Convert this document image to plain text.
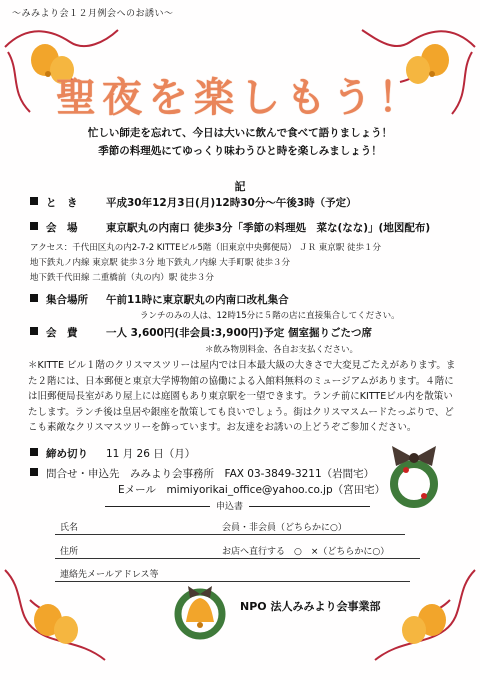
～みみより会１２月例会へのお誘い～
聖夜を楽しもう！
忙しい師走を忘れて、今日は大いに飲んで食べて語りましょう！
季節の料理処にてゆっくり味わうひと時を楽しみましょう！
記
と　き	平成30年12月3日(月)12時30分～午後3時（予定）
会　場	東京駅丸の内南口 徒歩3分「季節の料理処　菜な(なな)」(地図配布)
アクセス：千代田区丸の内2-7-2 KITTEビル5階（旧東京中央郵便局） ＪＲ 東京駅 徒歩１分
地下鉄丸ノ内線 東京駅 徒歩３分 地下鉄丸ノ内線 大手町駅 徒歩３分
地下鉄千代田線 二重橋前（丸の内）駅 徒歩３分
集合場所 午前11時に東京駅丸の内南口改札集合
ランチのみの人は、12時15分に５階の店に直接集合してください。
会　費	一人 3,600円(非会員:3,900円)予定 個室掘りごたつ席
＊飲み物別料金、各自お支払ください。
＊KITTE ビル１階のクリスマスツリーは屋内では日本最大級の大きさで大変見ごたえがあります。また２階には、日本郵便と東京大学博物館の協働による入館料無料のミュージアムがあります。４階には旧郵便局長室があり屋上には庭園もあり東京駅を一望できます。ランチ前にKITTEビル内を散策いたします。ランチ後は皇居や銀座を散策しても良いでしょう。街はクリスマスムードたっぷりで、どこも素敵なクリスマスツリーを飾っています。お友達をお誘いの上どうぞご参加ください。
締め切り 11 月 26 日（月）
問合せ・申込先　 みみより会事務所　 FAX 03-3849-3211（岩間宅）
Eメール　 mimiyorikai_office@yahoo.co.jp（宮田宅）
申込書
氏名	会員・非会員（どちらかに○）
住所	お店へ直行する　○　×（どちらかに○）
連絡先メールアドレス等
NPO 法人みみより会事業部
